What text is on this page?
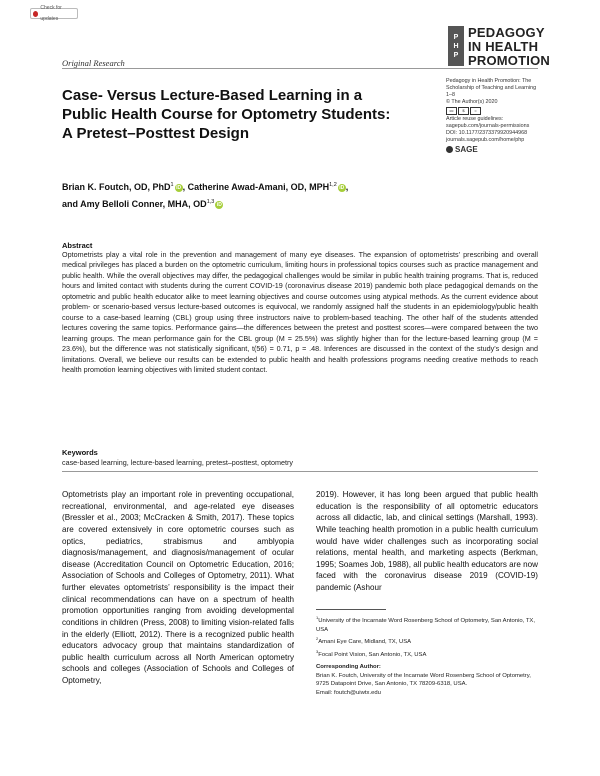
Check for updates
P
H
P
PEDAGOGY
IN HEALTH
PROMOTION
Original Research
Case- Versus Lecture-Based Learning in a Public Health Course for Optometry Students: A Pretest–Posttest Design
Pedagogy in Health Promotion: The
Scholarship of Teaching and Learning
1–8
© The Author(s) 2020
cc	$	=
Article reuse guidelines:
sagepub.com/journals-permissions
DOI: 10.1177/2373379920944968
journals.sagepub.com/home/php
SAGE
Brian K. Foutch, OD, PhD$^1$ iD , Catherine Awad-Amani, OD, MPH$^{1,2}$ iD ,
and Amy Belloli Conner, MHA, OD$^{1,3}$ iD
Abstract
Optometrists play a vital role in the prevention and management of many eye diseases. The expansion of optometrists’ prescribing and overall medical privileges has placed a burden on the optometric curriculum, limiting hours in professional topics courses such as practice management and public health. While the overall objectives may differ, the pedagogical challenges would be similar in public health training programs. That is, reduced hours and limited contact with students during the current COVID-19 (coronavirus disease 2019) pandemic both place pedagogical demands on the optometric and public health educator alike to meet learning objectives and course outcomes using atypical methods. As the current evidence about problem- or scenario-based versus lecture-based outcomes is equivocal, we randomly assigned half the students in an epidemiology/public health course to a case-based learning (CBL) group using three instructors naive to problem-based teaching. The other half of the students attended lectures covering the same topics. Performance gains—the differences between the pretest and posttest scores—were compared between the two learning groups. The mean performance gain for the CBL group (M = 25.5%) was slightly higher than for the lecture-based learning group (M = 23.6%), but the difference was not statistically significant, t(56) = 0.71, p = .48. Inferences are discussed in the context of the study’s design and limitations. Overall, we believe our results can be extended to public health and health professions programs needing creative methods to reach health promotion learning objectives with limited student contact.
Keywords
case-based learning, lecture-based learning, pretest–posttest, optometry
Optometrists play an important role in preventing occupational, recreational, environmental, and age-related eye diseases (Bressler et al., 2003; McCracken & Smith, 2017). These topics are covered extensively in core optometric courses such as optics, pediatrics, strabismus and amblyopia diagnosis/management, and diagnosis/management of ocular disease (Accreditation Council on Optometric Education, 2016; Association of Schools and Colleges of Optometry, 2011). What further elevates optometrists’ responsibility is the impact their clinical recommendations can have on a spectrum of health promotion opportunities ranging from avoiding developmental conditions in children (Press, 2008) to limiting vision-related falls in the elderly (Elliott, 2012). There is a recognized public health educators advocacy group that maintains standardization of public health curriculum across all North American optometry schools and colleges (Association of Schools and Colleges of Optometry,
2019). However, it has long been argued that public health education is the responsibility of all optometric educators across all didactic, lab, and clinical settings (Marshall, 1993). While teaching health promotion in a public health curriculum would have wider challenges such as incorporating social relations, mental health, and marketing aspects (Berkman, 1995; Soames Job, 1988), all public health educators are now faced with the coronavirus disease 2019 (COVID-19) pandemic (Ashour

$^1$University of the Incarnate Word Rosenberg School of Optometry, San Antonio, TX, USA

$^2$Amani Eye Care, Midland, TX, USA

$^3$Focal Point Vision, San Antonio, TX, USA

Corresponding Author:
Brian K. Foutch, University of the Incarnate Word Rosenberg School of Optometry, 9725 Datapoint Drive, San Antonio, TX 78209-6318, USA.
Email: foutch@uiwtx.edu
